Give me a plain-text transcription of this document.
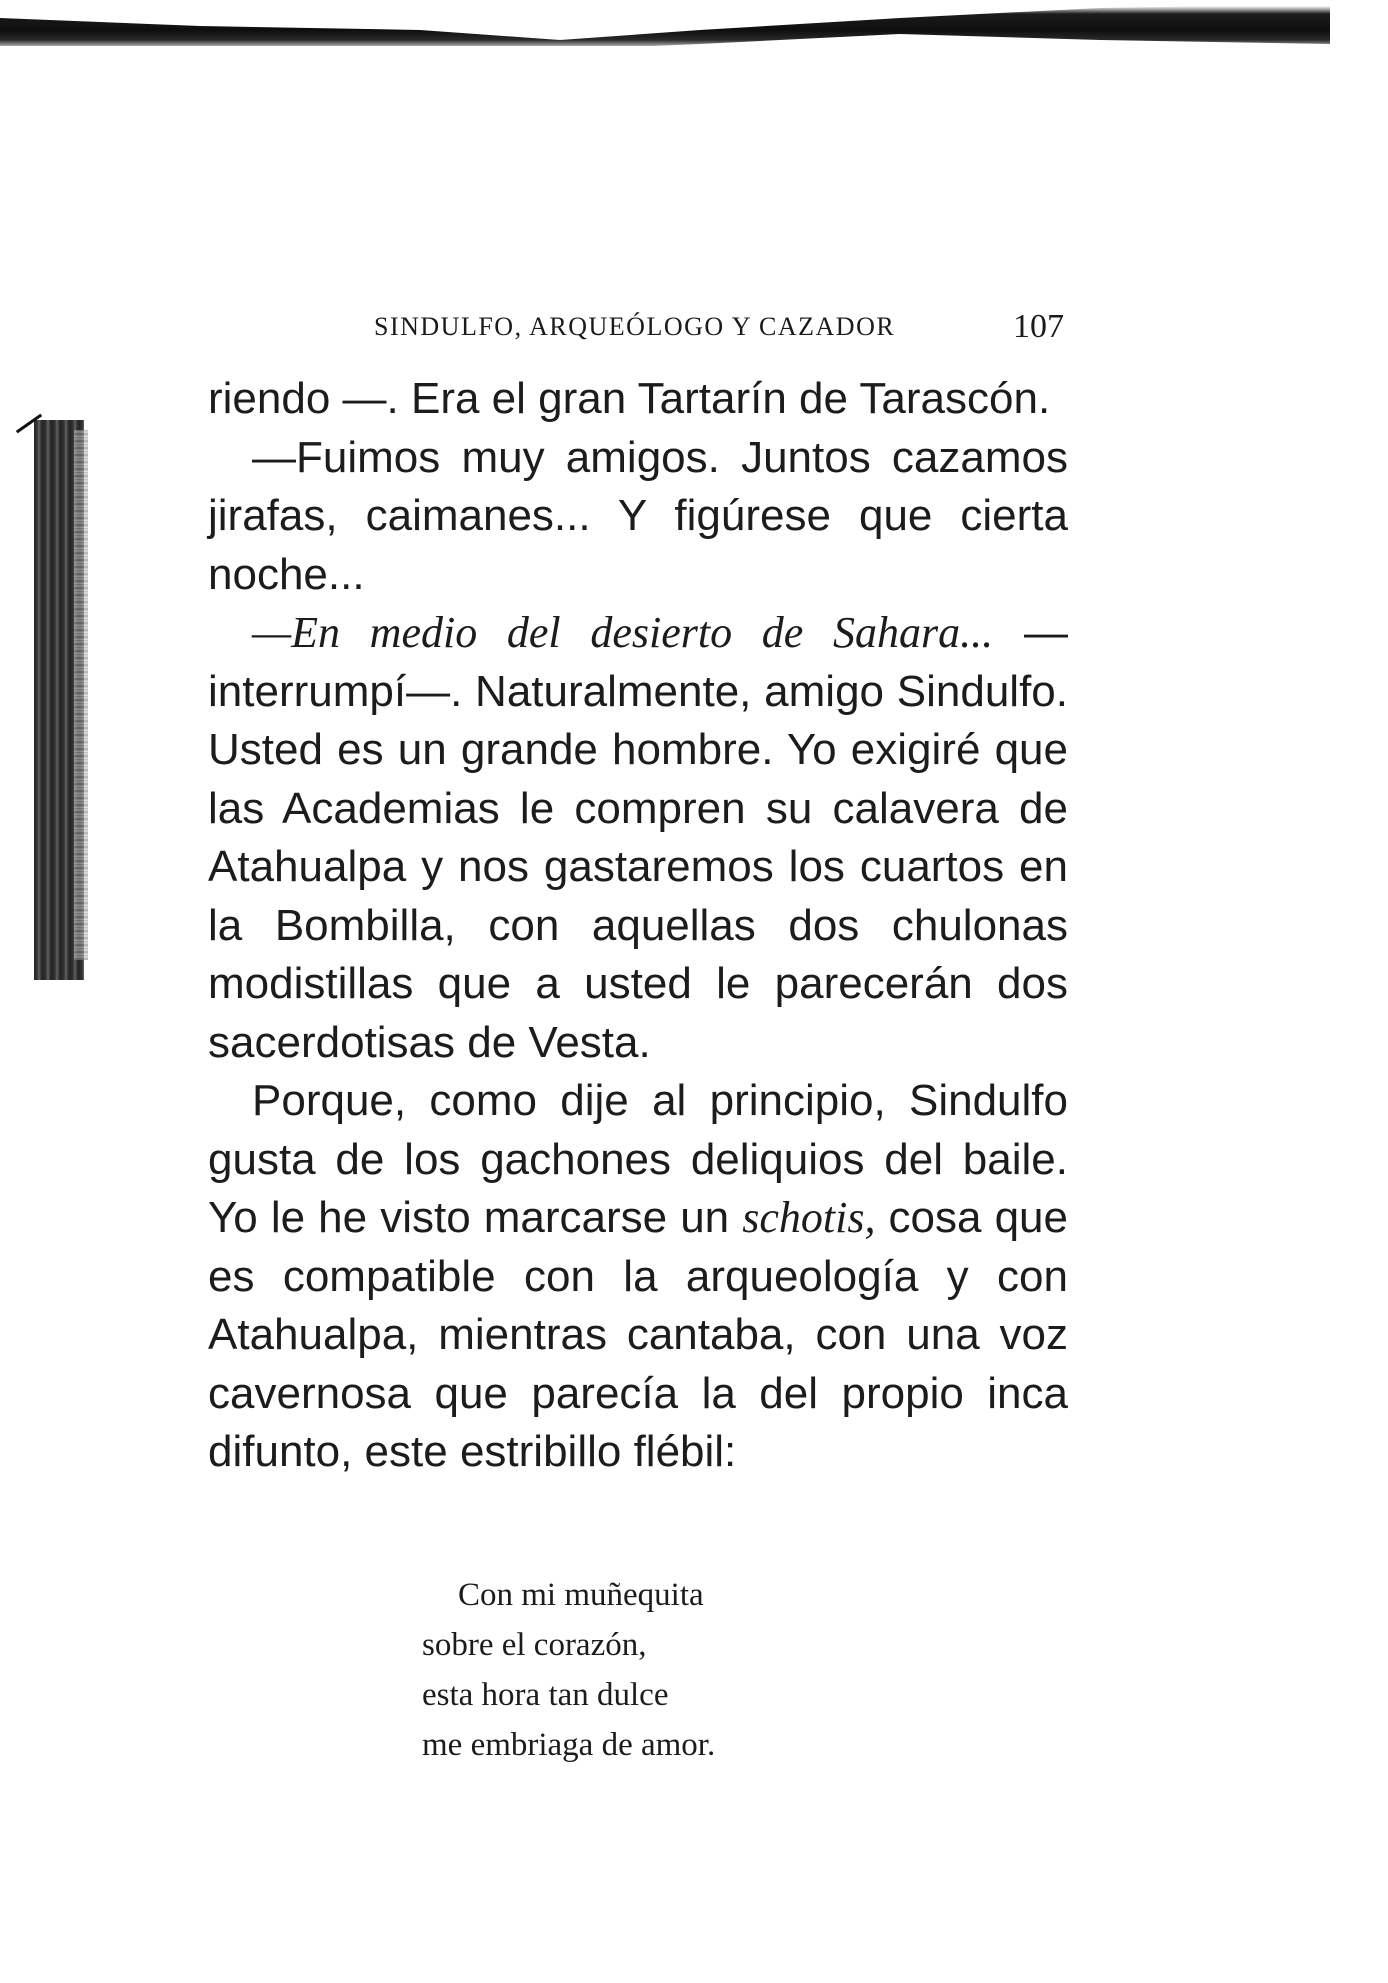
SINDULFO, ARQUEÓLOGO Y CAZADOR	107

riendo —. Era el gran Tartarín de Tarascón.

—Fuimos muy amigos. Juntos cazamos jirafas, caimanes... Y figúrese que cierta noche...

—En medio del desierto de Sahara... —interrumpí—. Naturalmente, amigo Sindulfo. Usted es un grande hombre. Yo exigiré que las Academias le compren su calavera de Atahualpa y nos gastaremos los cuartos en la Bombilla, con aquellas dos chulonas modistillas que a usted le parecerán dos sacerdotisas de Vesta.

Porque, como dije al principio, Sindulfo gusta de los gachones deliquios del baile. Yo le he visto marcarse un schotis, cosa que es compatible con la arqueología y con Atahualpa, mientras cantaba, con una voz cavernosa que parecía la del propio inca difunto, este estribillo flébil:

Con mi muñequita
sobre el corazón,
esta hora tan dulce
me embriaga de amor.
